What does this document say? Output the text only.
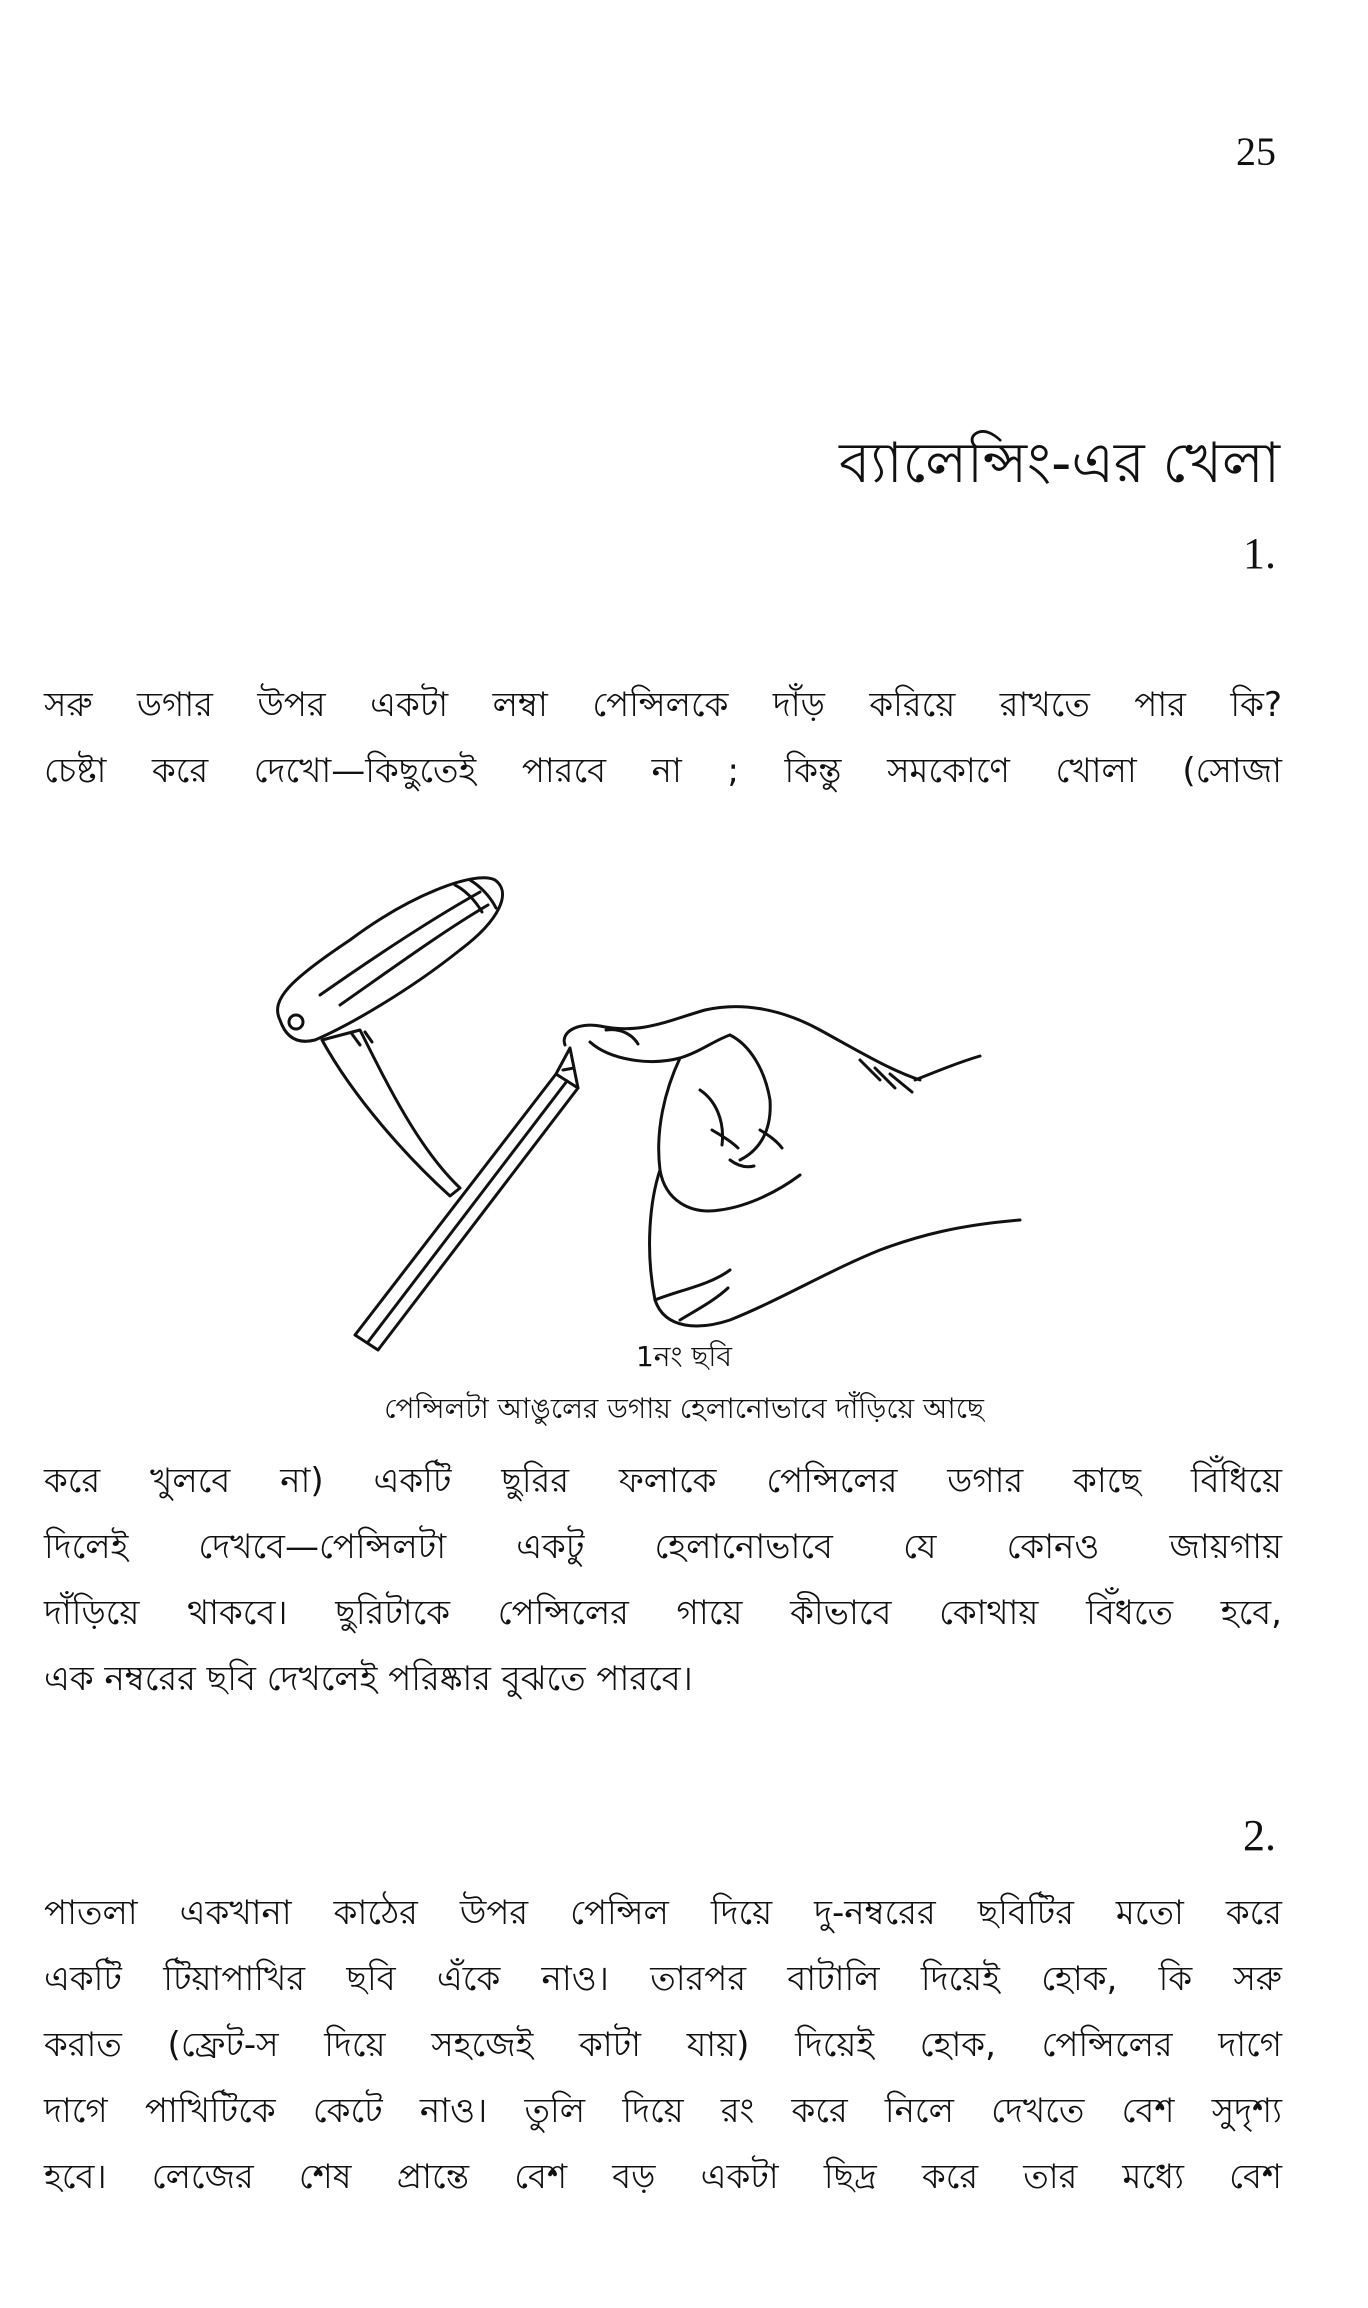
25
ব্যালেন্সিং-এর খেলা
1.
সরু ডগার উপর একটা লম্বা পেন্সিলকে দাঁড় করিয়ে রাখতে পার কি?
চেষ্টা করে দেখো—কিছুতেই পারবে না ; কিন্তু সমকোণে খোলা (সোজা
1নং ছবি
পেন্সিলটা আঙুলের ডগায় হেলানোভাবে দাঁড়িয়ে আছে
করে খুলবে না) একটি ছুরির ফলাকে পেন্সিলের ডগার কাছে বিঁধিয়ে
দিলেই দেখবে—পেন্সিলটা একটু হেলানোভাবে যে কোনও জায়গায়
দাঁড়িয়ে থাকবে। ছুরিটাকে পেন্সিলের গায়ে কীভাবে কোথায় বিঁধতে হবে,
এক নম্বরের ছবি দেখলেই পরিষ্কার বুঝতে পারবে।
2.
পাতলা একখানা কাঠের উপর পেন্সিল দিয়ে দু-নম্বরের ছবিটির মতো করে
একটি টিয়াপাখির ছবি এঁকে নাও। তারপর বাটালি দিয়েই হোক, কি সরু
করাত (ফ্রেট-স দিয়ে সহজেই কাটা যায়) দিয়েই হোক, পেন্সিলের দাগে
দাগে পাখিটিকে কেটে নাও। তুলি দিয়ে রং করে নিলে দেখতে বেশ সুদৃশ্য
হবে। লেজের শেষ প্রান্তে বেশ বড় একটা ছিদ্র করে তার মধ্যে বেশ
